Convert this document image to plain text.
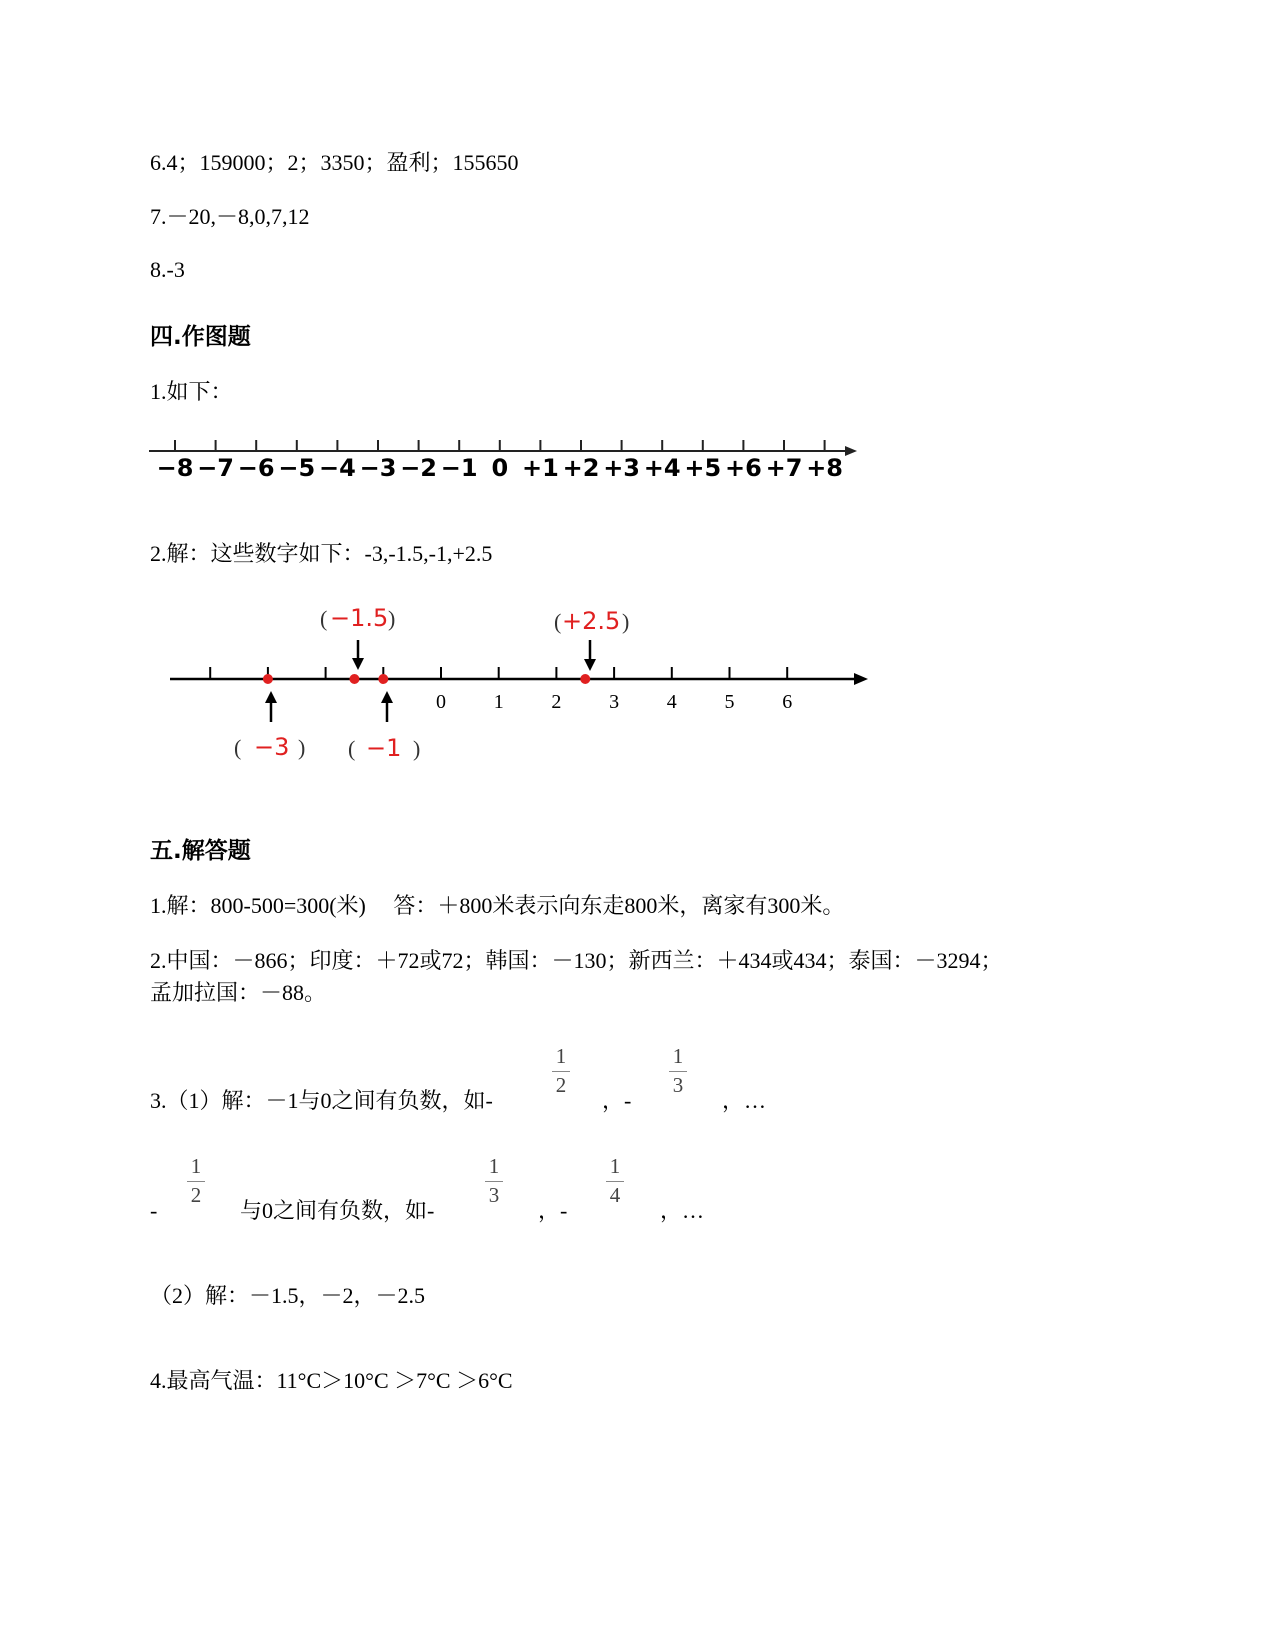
6.4；159000；2；3350；盈利；155650
7.－20,－8,0,7,12
8.-3
四.作图题
1.如下：
−8 −7 −6 −5 −4 −3 −2 −1 0 +1 +2 +3 +4 +5 +6 +7 +8
2.解：这些数字如下：-3,-1.5,-1,+2.5
0 1 2 3 4 5 6
( −1.5 )	( +2.5 )
( −3 ) ( −1 )
五.解答题
1.解：800-500=300(米)　 答：＋800米表示向东走800米，离家有300米。
2.中国：－866；印度：＋72或72；韩国：－130；新西兰：＋434或434；泰国：－3294；
孟加拉国：－88。
3.（1）解：－1与0之间有负数，如-
1
2
，-
1
3
，…
-
1
2
与0之间有负数，如-
1
3
，-
1
4
，…
（2）解：－1.5，－2，－2.5
4.最高气温：11°C＞10°C ＞7°C ＞6°C
